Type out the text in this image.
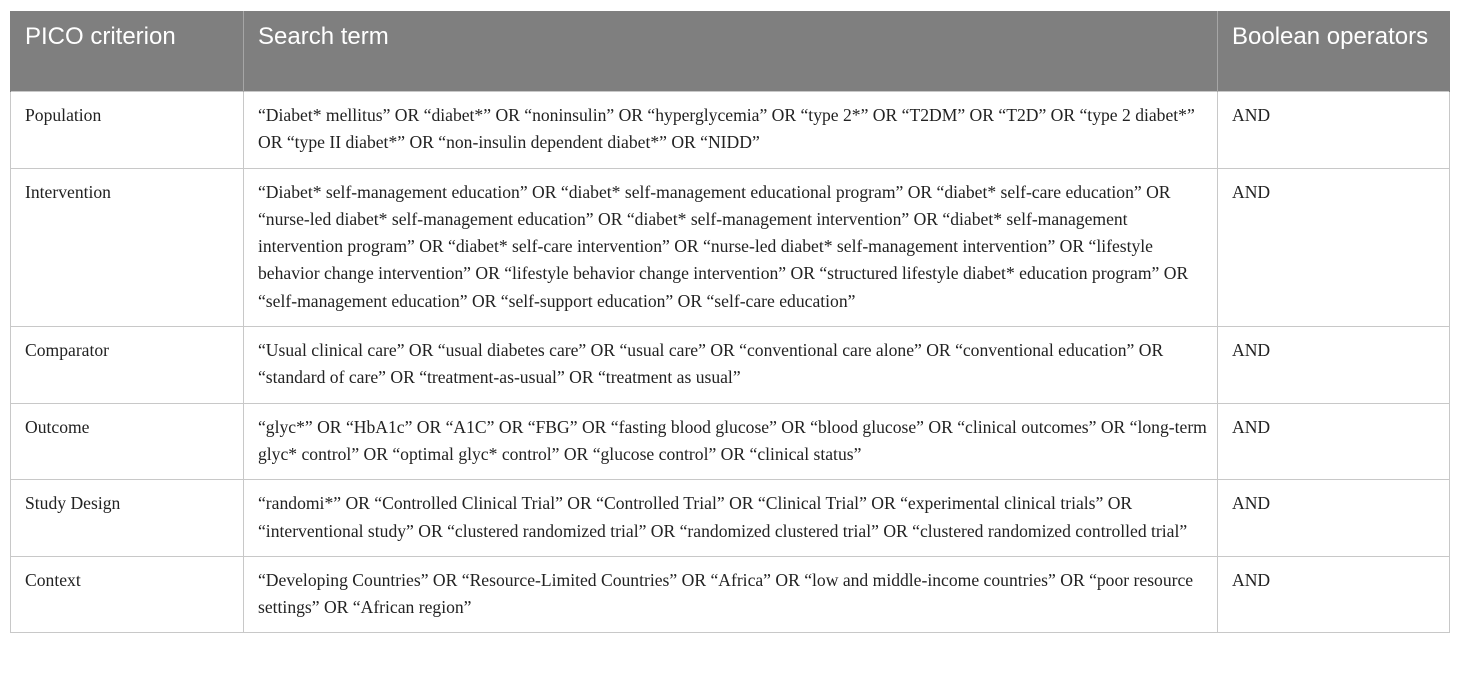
PICO criterion	Search term	Boolean operators
Population	“Diabet* mellitus” OR “diabet*” OR “noninsulin” OR “hyperglycemia” OR “type 2*” OR “T2DM” OR “T2D” OR “type 2 diabet*” OR “type II diabet*” OR “non-insulin dependent diabet*” OR “NIDD”	AND
Intervention	“Diabet* self-management education” OR “diabet* self-management educational program” OR “diabet* self-care education” OR “nurse-led diabet* self-management education” OR “diabet* self-management intervention” OR “diabet* self-management intervention program” OR “diabet* self-care intervention” OR “nurse-led diabet* self-management intervention” OR “lifestyle behavior change intervention” OR “lifestyle behavior change intervention” OR “structured lifestyle diabet* education program” OR “self-management education” OR “self-support education” OR “self-care education”	AND
Comparator	“Usual clinical care” OR “usual diabetes care” OR “usual care” OR “conventional care alone” OR “conventional education” OR “standard of care” OR “treatment-as-usual” OR “treatment as usual”	AND
Outcome	“glyc*” OR “HbA1c” OR “A1C” OR “FBG” OR “fasting blood glucose” OR “blood glucose” OR “clinical outcomes” OR “long-term glyc* control” OR “optimal glyc* control” OR “glucose control” OR “clinical status”	AND
Study Design	“randomi*” OR “Controlled Clinical Trial” OR “Controlled Trial” OR “Clinical Trial” OR “experimental clinical trials” OR “interventional study” OR “clustered randomized trial” OR “randomized clustered trial” OR “clustered randomized controlled trial”	AND
Context	“Developing Countries” OR “Resource-Limited Countries” OR “Africa” OR “low and middle-income countries” OR “poor resource settings” OR “African region”	AND
